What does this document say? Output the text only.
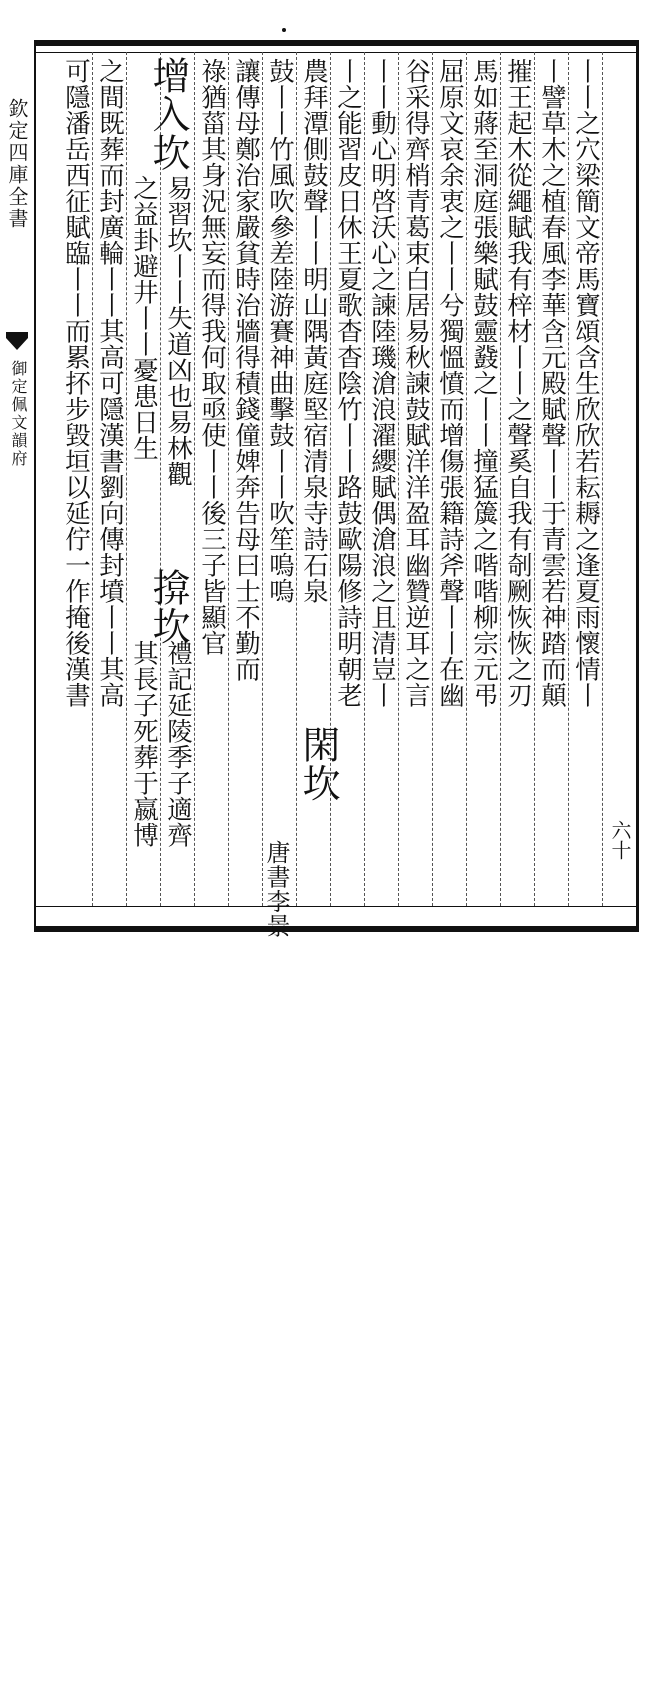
欽定四庫全書
御定佩文韻府	丨丨之穴梁簡文帝馬寶頌含生欣欣若耘耨之逢夏雨懷情丨
丨譬草木之植春風李華含元殿賦聲丨丨于青雲若神踏而顛
摧王起木從繩賦我有梓材丨丨之聲奚自我有剞劂恢恢之刃
馬如蔣至洞庭張樂賦鼓靈鼗之丨丨撞猛簴之喈喈柳宗元弔
屈原文哀余衷之丨丨兮獨慍憤而增傷張籍詩斧聲丨丨在幽
谷采得齊梢青葛束白居易秋諫鼓賦洋洋盈耳幽贊逆耳之言
丨丨動心明啓沃心之諫陸璣滄浪濯纓賦偶滄浪之且清豈丨
丨之能習皮日休王夏歌杳杳陰竹丨丨路鼓歐陽修詩明朝老
農拜潭側鼓聲丨丨明山隅黃庭堅宿清泉寺詩石泉
閑坎
唐書李景
鼓丨丨竹風吹參差陸游賽神曲擊鼓丨丨吹笙嗚嗚
讓傳母鄭治家嚴貧時治牆得積錢僮婢奔告母曰士不勤而
祿猶菑其身況無妄而得我何取亟使丨丨後三子皆顯官
增入坎
易習坎丨丨失道凶也易林觀
之益卦避井丨丨憂患日生
揜坎
禮記延陵季子適齊
其長子死葬于嬴博
之間既葬而封廣輪丨丨其高可隱漢書劉向傳封墳丨丨其高
可隱潘岳西征賦臨丨丨而累抔步毀垣以延佇一作掩後漢書
六十
